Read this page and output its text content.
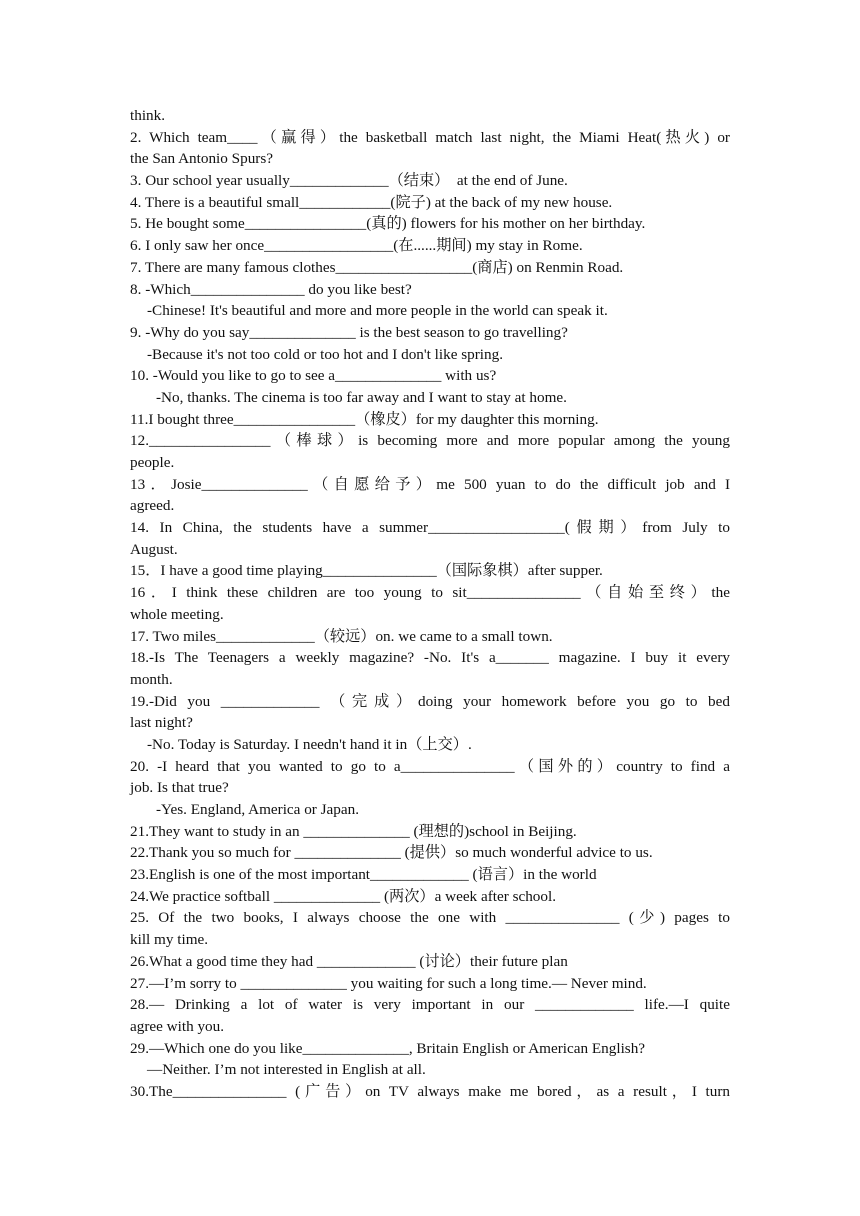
think.
2. Which team____（赢得）the basketball match last night, the Miami Heat(热火) or
the San Antonio Spurs?
3. Our school year usually_____________（结束）  at the end of June.
4. There is a beautiful small____________(院子) at the back of my new house.
5. He bought some________________(真的) flowers for his mother on her birthday.
6. I only saw her once_________________(在......期间) my stay in Rome.
7. There are many famous clothes__________________(商店) on Renmin Road.
8. -Which_______________ do you like best?
-Chinese! It's beautiful and more and more people in the world can speak it.
9. -Why do you say______________ is the best season to go travelling?
-Because it's not too cold or too hot and I don't like spring.
10. -Would you like to go to see a______________ with us?
-No, thanks. The cinema is too far away and I want to stay at home.
11.I bought three________________（橡皮）for my daughter this morning.
12.________________（棒球）is becoming more and more popular among the young
people.
13．Josie______________（自愿给予）me 500 yuan to do the difficult job and I
agreed.
14. In China, the students have a summer__________________(假期）from July to
August.
15．I have a good time playing_______________（国际象棋）after supper.
16．I think these children are too young to sit_______________（自始至终）the
whole meeting.
17. Two miles_____________（较远）on. we came to a small town.
18.-Is The Teenagers a weekly magazine? -No. It's a_______ magazine. I buy it every
month.
19.-Did you _____________ （完成）doing your homework before you go to bed
last night?
-No. Today is Saturday. I needn't hand it in（上交）.
20. -I heard that you wanted to go to a_______________（国外的）country to find a
job. Is that true?
-Yes. England, America or Japan.
21.They want to study in an ______________ (理想的)school in Beijing.
22.Thank you so much for ______________ (提供）so much wonderful advice to us.
23.English is one of the most important_____________ (语言）in the world
24.We practice softball ______________ (两次）a week after school.
25. Of the two books, I always choose the one with _______________ (少) pages to
kill my time.
26.What a good time they had _____________ (讨论）their future plan
27.—I’m sorry to ______________ you waiting for such a long time.— Never mind.
28.— Drinking a lot of water is very important in our _____________ life.—I quite
agree with you.
29.—Which one do you like______________, Britain English or American English?
—Neither. I’m not interested in English at all.
30.The_______________ (广告）on TV always make me bored，as a result，I turn
